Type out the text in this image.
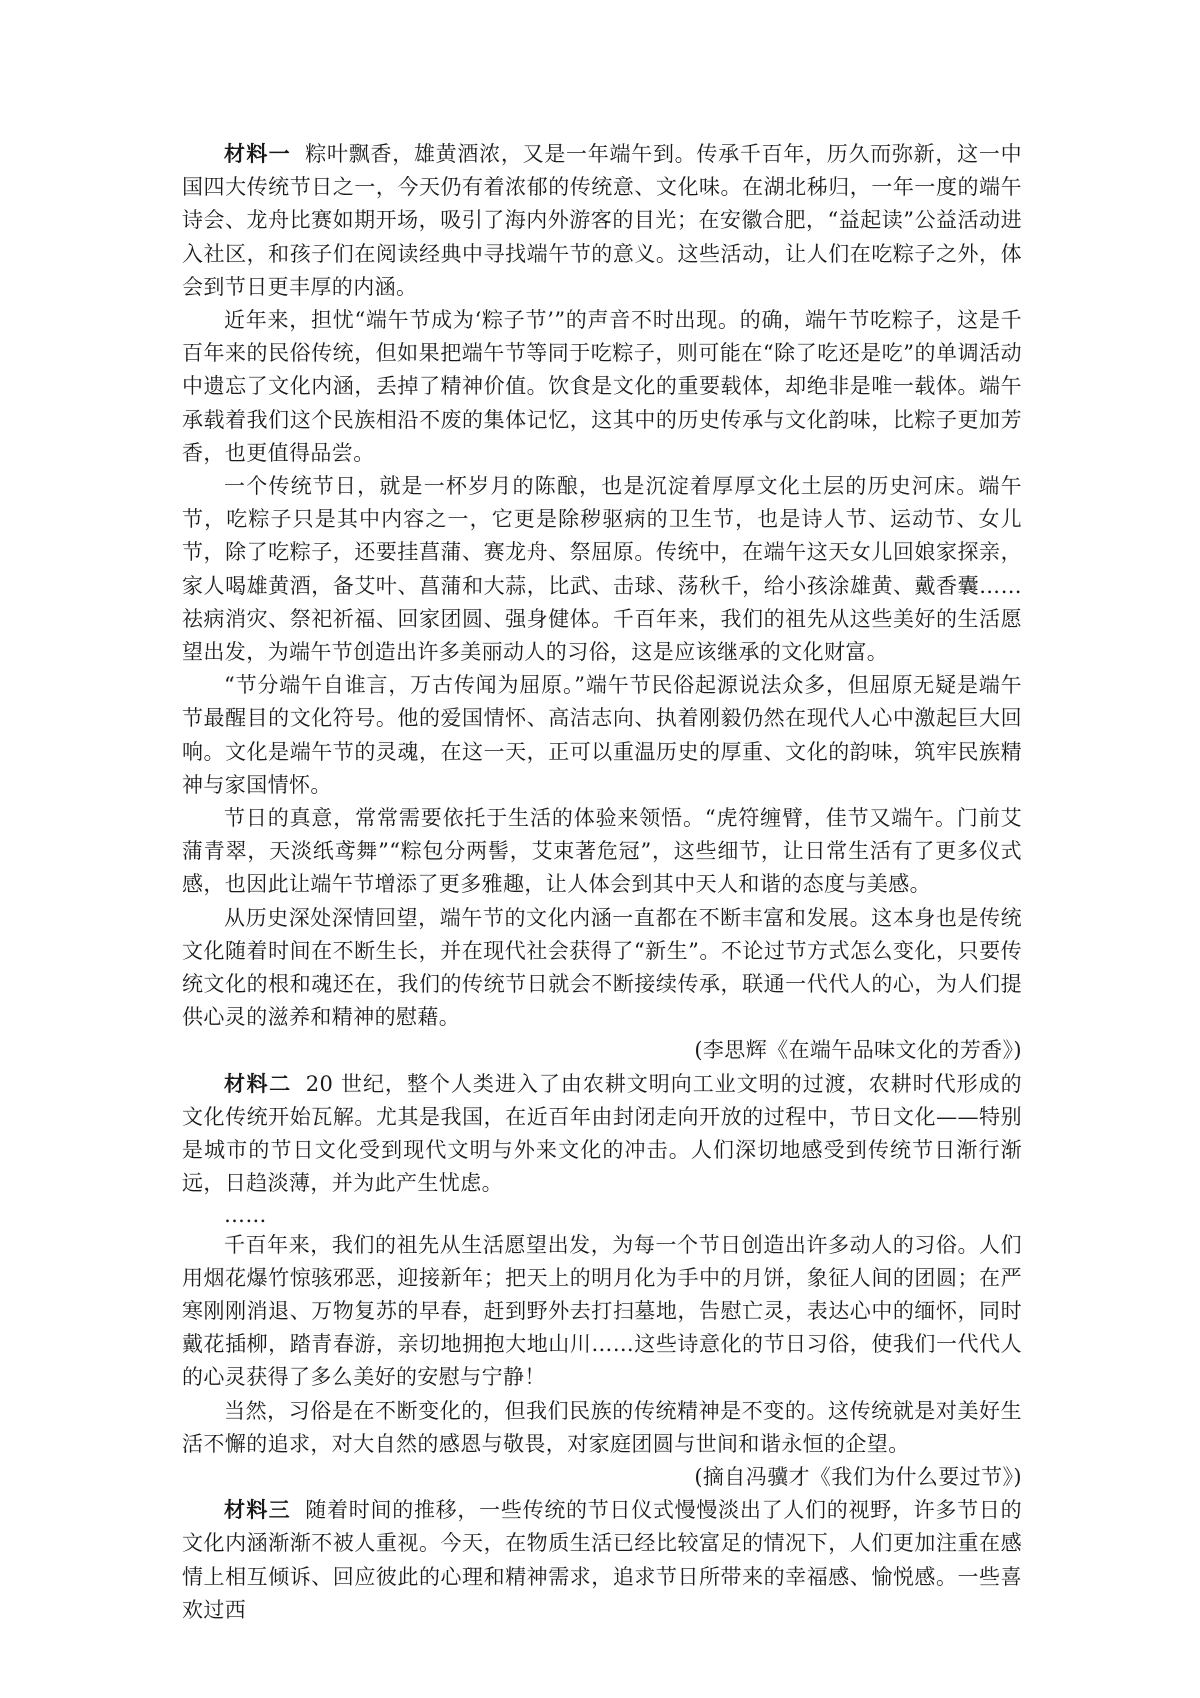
材料一 粽叶飘香，雄黄酒浓，又是一年端午到。传承千百年，历久而弥新，这一中国四大传统节日之一，今天仍有着浓郁的传统意、文化味。在湖北秭归，一年一度的端午诗会、龙舟比赛如期开场，吸引了海内外游客的目光；在安徽合肥，“益起读”公益活动进入社区，和孩子们在阅读经典中寻找端午节的意义。这些活动，让人们在吃粽子之外，体会到节日更丰厚的内涵。

近年来，担忧“端午节成为‘粽子节’”的声音不时出现。的确，端午节吃粽子，这是千百年来的民俗传统，但如果把端午节等同于吃粽子，则可能在“除了吃还是吃”的单调活动中遗忘了文化内涵，丢掉了精神价值。饮食是文化的重要载体，却绝非是唯一载体。端午承载着我们这个民族相沿不废的集体记忆，这其中的历史传承与文化韵味，比粽子更加芳香，也更值得品尝。

一个传统节日，就是一杯岁月的陈酿，也是沉淀着厚厚文化土层的历史河床。端午节，吃粽子只是其中内容之一，它更是除秽驱病的卫生节，也是诗人节、运动节、女儿节，除了吃粽子，还要挂菖蒲、赛龙舟、祭屈原。传统中，在端午这天女儿回娘家探亲，家人喝雄黄酒，备艾叶、菖蒲和大蒜，比武、击球、荡秋千，给小孩涂雄黄、戴香囊……祛病消灾、祭祀祈福、回家团圆、强身健体。千百年来，我们的祖先从这些美好的生活愿望出发，为端午节创造出许多美丽动人的习俗，这是应该继承的文化财富。

“节分端午自谁言，万古传闻为屈原。”端午节民俗起源说法众多，但屈原无疑是端午节最醒目的文化符号。他的爱国情怀、高洁志向、执着刚毅仍然在现代人心中激起巨大回响。文化是端午节的灵魂，在这一天，正可以重温历史的厚重、文化的韵味，筑牢民族精神与家国情怀。

节日的真意，常常需要依托于生活的体验来领悟。“虎符缠臂，佳节又端午。门前艾蒲青翠，天淡纸鸢舞”“粽包分两髻，艾束著危冠”，这些细节，让日常生活有了更多仪式感，也因此让端午节增添了更多雅趣，让人体会到其中天人和谐的态度与美感。

从历史深处深情回望，端午节的文化内涵一直都在不断丰富和发展。这本身也是传统文化随着时间在不断生长，并在现代社会获得了“新生”。不论过节方式怎么变化，只要传统文化的根和魂还在，我们的传统节日就会不断接续传承，联通一代代人的心，为人们提供心灵的滋养和精神的慰藉。

(李思辉《在端午品味文化的芳香》)

材料二 20 世纪，整个人类进入了由农耕文明向工业文明的过渡，农耕时代形成的文化传统开始瓦解。尤其是我国，在近百年由封闭走向开放的过程中，节日文化——特别是城市的节日文化受到现代文明与外来文化的冲击。人们深切地感受到传统节日渐行渐远，日趋淡薄，并为此产生忧虑。

……

千百年来，我们的祖先从生活愿望出发，为每一个节日创造出许多动人的习俗。人们用烟花爆竹惊骇邪恶，迎接新年；把天上的明月化为手中的月饼，象征人间的团圆；在严寒刚刚消退、万物复苏的早春，赶到野外去打扫墓地，告慰亡灵，表达心中的缅怀，同时戴花插柳，踏青春游，亲切地拥抱大地山川……这些诗意化的节日习俗，使我们一代代人的心灵获得了多么美好的安慰与宁静！

当然，习俗是在不断变化的，但我们民族的传统精神是不变的。这传统就是对美好生活不懈的追求，对大自然的感恩与敬畏，对家庭团圆与世间和谐永恒的企望。

(摘自冯骥才《我们为什么要过节》)

材料三 随着时间的推移，一些传统的节日仪式慢慢淡出了人们的视野，许多节日的文化内涵渐渐不被人重视。今天，在物质生活已经比较富足的情况下，人们更加注重在感情上相互倾诉、回应彼此的心理和精神需求，追求节日所带来的幸福感、愉悦感。一些喜欢过西
